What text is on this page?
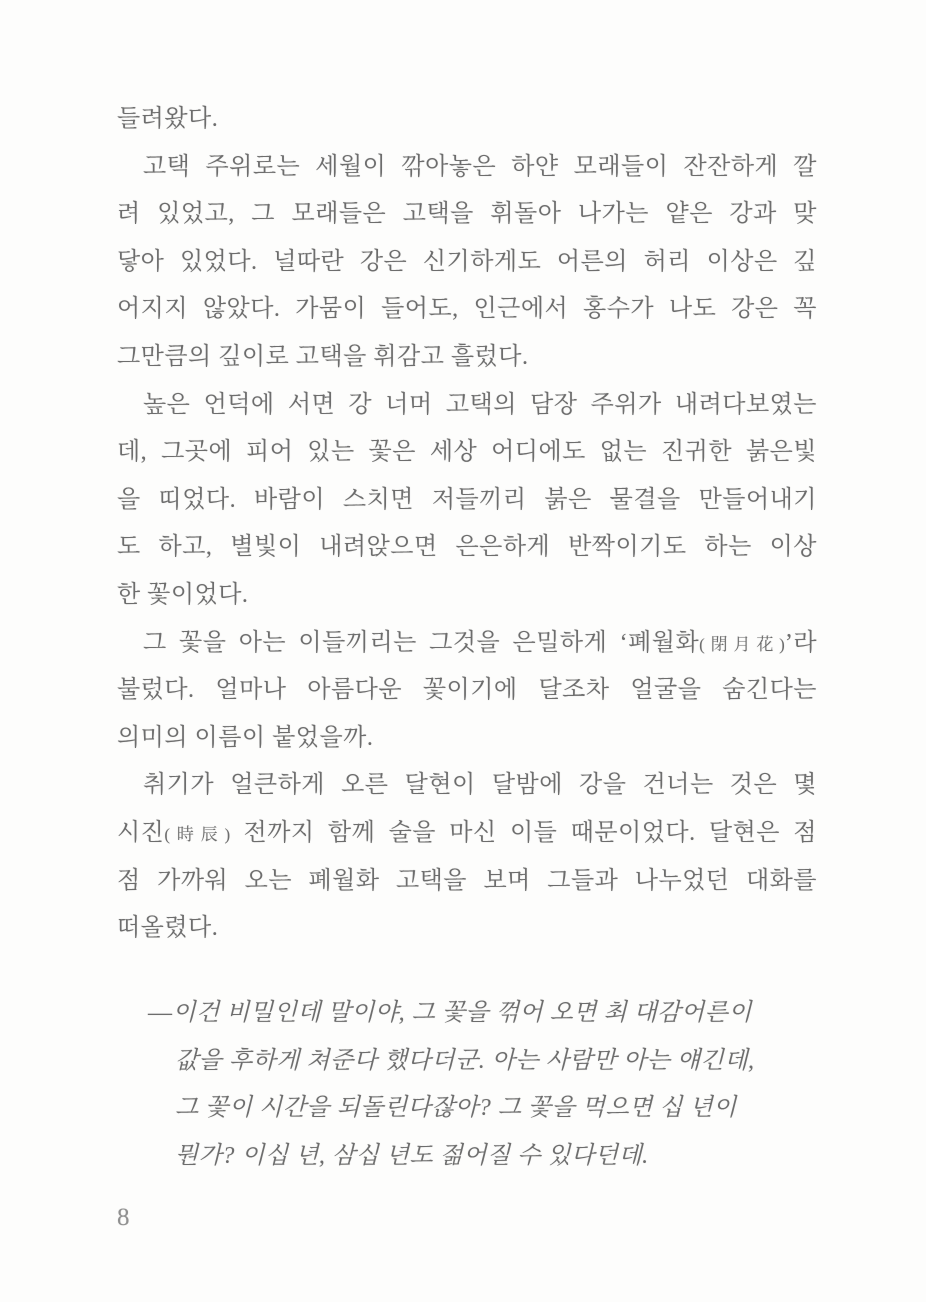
들려왔다.
고택 주위로는 세월이 깎아놓은 하얀 모래들이 잔잔하게 깔
려 있었고, 그 모래들은 고택을 휘돌아 나가는 얕은 강과 맞
닿아 있었다. 널따란 강은 신기하게도 어른의 허리 이상은 깊
어지지 않았다. 가뭄이 들어도, 인근에서 홍수가 나도 강은 꼭
그만큼의 깊이로 고택을 휘감고 흘렀다.
높은 언덕에 서면 강 너머 고택의 담장 주위가 내려다보였는
데, 그곳에 피어 있는 꽃은 세상 어디에도 없는 진귀한 붉은빛
을 띠었다. 바람이 스치면 저들끼리 붉은 물결을 만들어내기
도 하고, 별빛이 내려앉으면 은은하게 반짝이기도 하는 이상
한 꽃이었다.
그 꽃을 아는 이들끼리는 그것을 은밀하게 ‘폐월화(閉月花)’라
불렀다. 얼마나 아름다운 꽃이기에 달조차 얼굴을 숨긴다는
의미의 이름이 붙었을까.
취기가 얼큰하게 오른 달현이 달밤에 강을 건너는 것은 몇
시진(時辰) 전까지 함께 술을 마신 이들 때문이었다. 달현은 점
점 가까워 오는 폐월화 고택을 보며 그들과 나누었던 대화를
떠올렸다.
―이건 비밀인데 말이야, 그 꽃을 꺾어 오면 최 대감어른이
값을 후하게 쳐준다 했다더군. 아는 사람만 아는 얘긴데,
그 꽃이 시간을 되돌린다잖아? 그 꽃을 먹으면 십 년이
뭔가? 이십 년, 삼십 년도 젊어질 수 있다던데.
8
